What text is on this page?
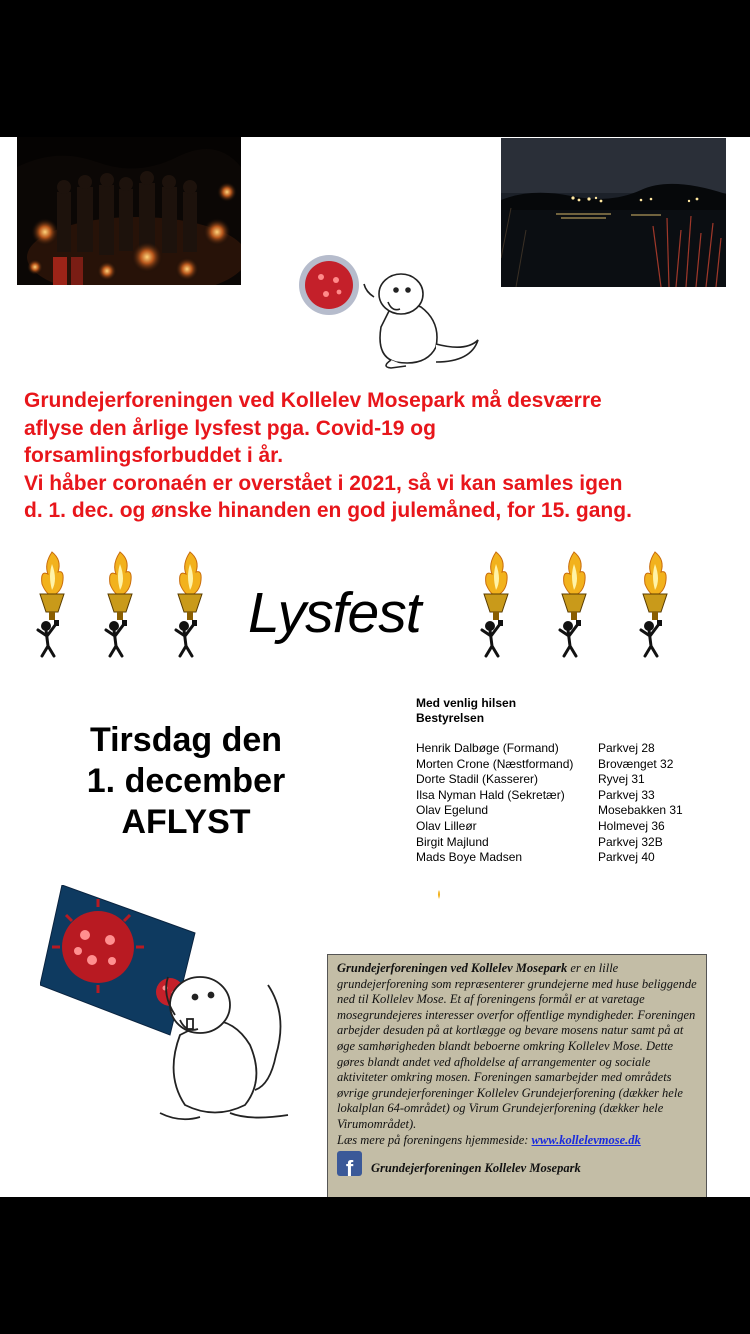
Grundejerforeningen ved Kollelev Mosepark må desværre

aflyse den årlige lysfest pga. Covid-19 og

forsamlingsforbuddet i år.

Vi håber coronaén er overstået i 2021, så vi kan samles igen

d. 1. dec. og ønske hinanden en god julemåned, for 15. gang.

Lysfest
Tirsdag den
1. december
AFLYST
Med venlig hilsen
Bestyrelsen
Henrik Dalbøge (Formand)	Parkvej 28
Morten Crone (Næstformand)	Brovænget 32
Dorte Stadil (Kasserer)	Ryvej 31
Ilsa Nyman Hald (Sekretær)	Parkvej 33
Olav Egelund	Mosebakken 31
Olav Lilleør	Holmevej 36
Birgit Majlund	Parkvej 32B
Mads Boye Madsen	Parkvej 40
Grundejerforeningen ved Kollelev Mosepark er en lille grundejerforening som repræsenterer grundejerne med huse beliggende ned til Kollelev Mose. Et af foreningens formål er at varetage mosegrundejeres interesser overfor offentlige myndigheder. Foreningen arbejder desuden på at kortlægge og bevare mosens natur samt på at øge samhørigheden blandt beboerne omkring Kollelev Mose. Dette gøres blandt andet ved afholdelse af arrangementer og sociale aktiviteter omkring mosen. Foreningen samarbejder med områdets øvrige grundejerforeninger Kollelev Grundejerforening (dækker hele lokalplan 64-området) og Virum Grundejerforening (dækker hele Virumområdet).
Læs mere på foreningens hjemmeside: www.kollelevmose.dk
f	Grundejerforeningen Kollelev Mosepark
